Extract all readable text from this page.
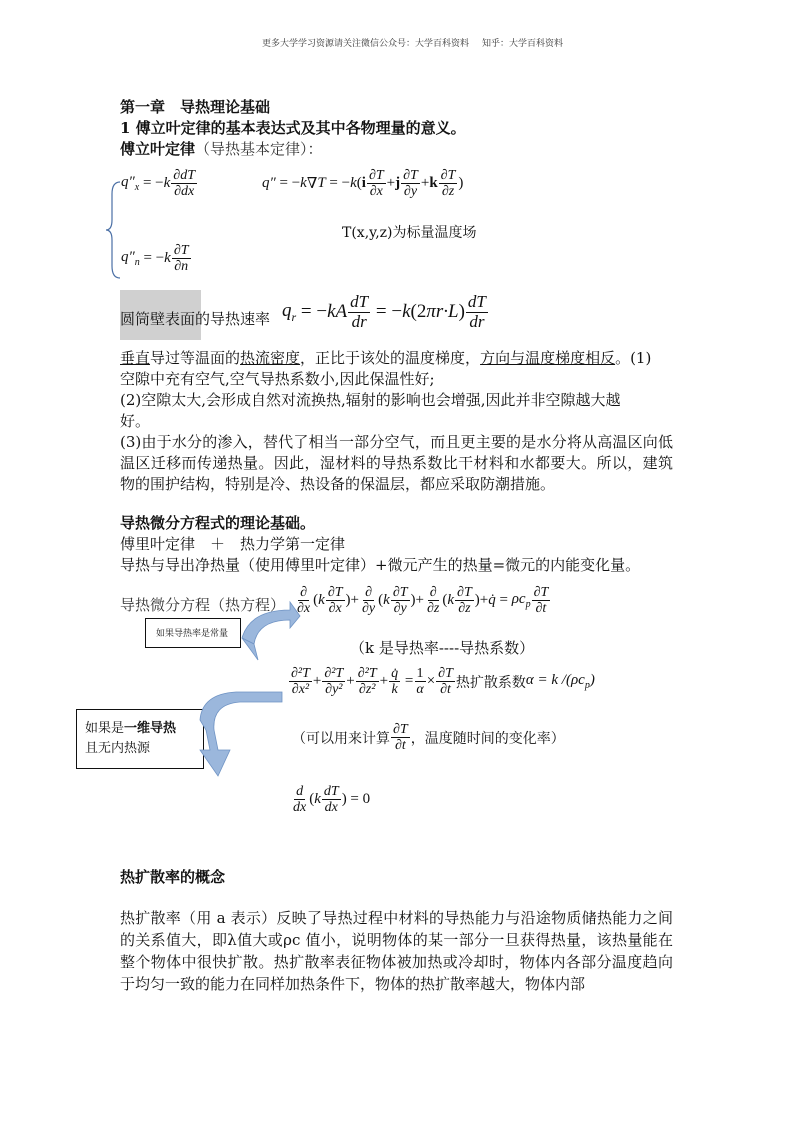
更多大学学习资源请关注微信公众号：大学百科资料 知乎：大学百科资料
第一章　导热理论基础
1 傅立叶定律的基本表达式及其中各物理量的意义。
傅立叶定律（导热基本定律）：
$q''_x$ = − k $\frac{\partial dT}{\partial dx}$	q″ = − k ∇ T = − k ( i $\frac{\partial T}{\partial x} + j \frac{\partial T}{\partial y} + k \frac{\partial T}{\partial z}$ )
T(x,y,z)为标量温度场
$q''_n$ = − k $\frac{\partial T}{\partial n}$
圆筒壁表面的导热速率 $q_r$ = − kA $\frac{dT}{dr}$ = − k (2 πr·L ) $\frac{dT}{dr}$
垂直导过等温面的热流密度，正比于该处的温度梯度，方向与温度梯度相反。(1)
空隙中充有空气,空气导热系数小,因此保温性好;
(2)空隙太大,会形成自然对流换热,辐射的影响也会增强,因此并非空隙越大越
好。
(3)由于水分的渗入，替代了相当一部分空气，而且更主要的是水分将从高温区向低温区迁移而传递热量。因此，湿材料的导热系数比干材料和水都要大。所以，建筑物的围护结构，特别是冷、热设备的保温层，都应采取防潮措施。
导热微分方程式的理论基础。
傅里叶定律　＋　热力学第一定律
导热与导出净热量（使用傅里叶定律）+微元产生的热量=微元的内能变化量。
导热微分方程（热方程） $\frac{\partial}{\partial x}$ ( k $\frac{\partial T}{\partial x}$ )+ $\frac{\partial}{\partial y}$ ( k $\frac{\partial T}{\partial y}$ )+ $\frac{\partial}{\partial z}$ ( k $\frac{\partial T}{\partial z}$ )+ q̇ = $\rho c_p \frac{\partial T}{\partial t}$
如果导热率是常量
（k 是导热率----导热系数）
$\frac{\text{∂²T}}{\text{∂x²}} + \frac{\text{∂²T}}{\text{∂y²}} + \frac{\text{∂²T}}{\text{∂z²}} + \frac{q̇}{k} = \frac{1}{\alpha} \times \frac{\partial T}{\partial t}$ 热扩散系数 α = k $/(\rho c_p)$
如果是一维导热
且无内热源
（可以用来计算 $\frac{\partial T}{\partial t}$ ，温度随时间的变化率）
$\frac{d}{dx}$ ( k $\frac{dT}{dx}$ ) = 0
热扩散率的概念
热扩散率（用 a 表示）反映了导热过程中材料的导热能力与沿途物质储热能力之间的关系值大，即λ值大或ρc 值小，说明物体的某一部分一旦获得热量，该热量能在整个物体中很快扩散。热扩散率表征物体被加热或冷却时，物体内各部分温度趋向于均匀一致的能力在同样加热条件下，物体的热扩散率越大，物体内部
